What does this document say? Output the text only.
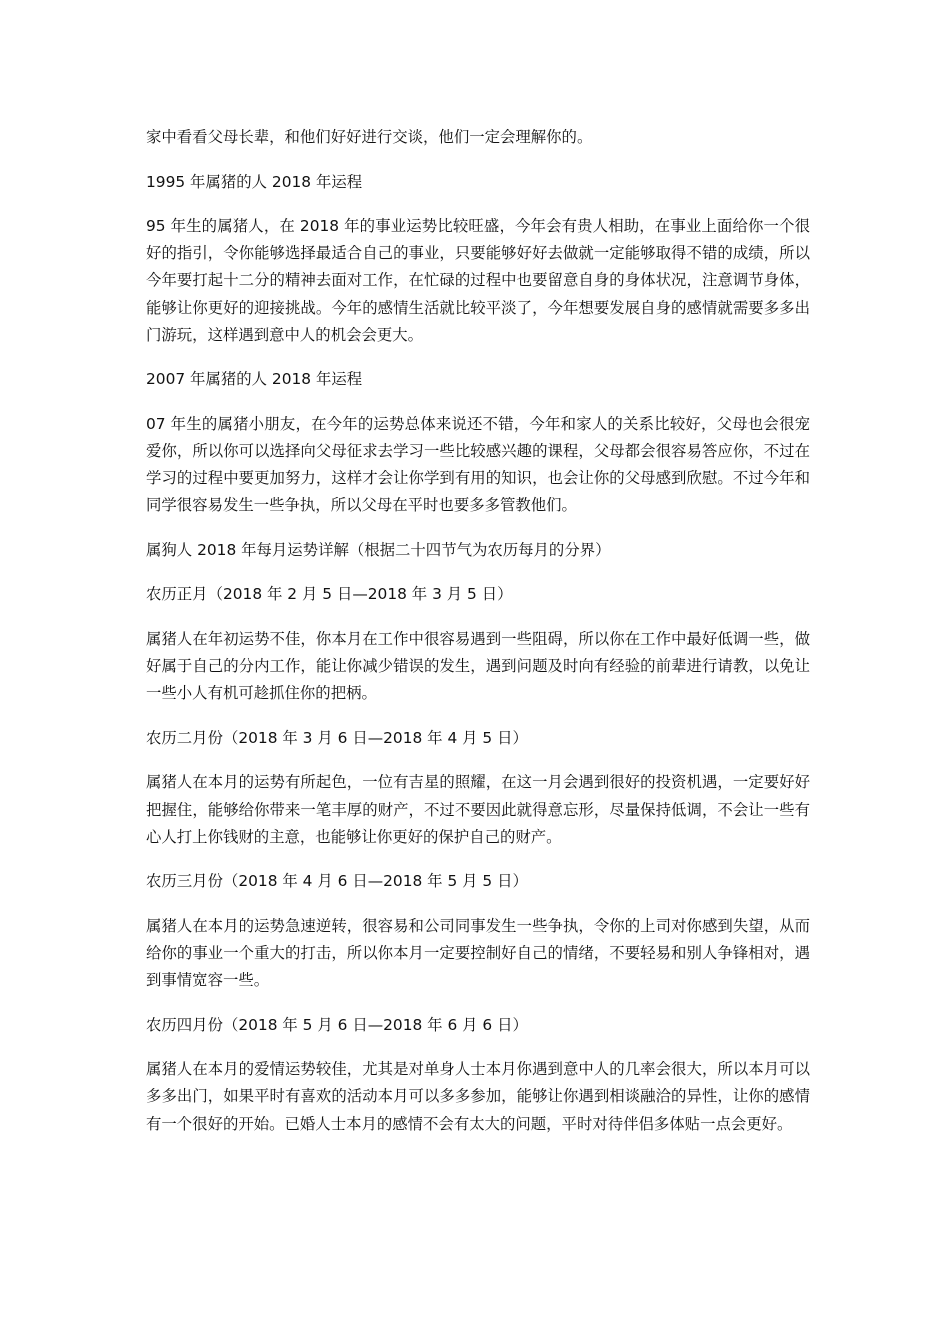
家中看看父母长辈，和他们好好进行交谈，他们一定会理解你的。

1995 年属猪的人 2018 年运程

95 年生的属猪人，在 2018 年的事业运势比较旺盛，今年会有贵人相助，在事业上面给你一个很好的指引，令你能够选择最适合自己的事业，只要能够好好去做就一定能够取得不错的成绩，所以今年要打起十二分的精神去面对工作，在忙碌的过程中也要留意自身的身体状况，注意调节身体，能够让你更好的迎接挑战。今年的感情生活就比较平淡了，今年想要发展自身的感情就需要多多出门游玩，这样遇到意中人的机会会更大。

2007 年属猪的人 2018 年运程

07 年生的属猪小朋友，在今年的运势总体来说还不错，今年和家人的关系比较好，父母也会很宠爱你，所以你可以选择向父母征求去学习一些比较感兴趣的课程，父母都会很容易答应你，不过在学习的过程中要更加努力，这样才会让你学到有用的知识，也会让你的父母感到欣慰。不过今年和同学很容易发生一些争执，所以父母在平时也要多多管教他们。

属狗人 2018 年每月运势详解（根据二十四节气为农历每月的分界）

农历正月（2018 年 2 月 5 日—2018 年 3 月 5 日）

属猪人在年初运势不佳，你本月在工作中很容易遇到一些阻碍，所以你在工作中最好低调一些，做好属于自己的分内工作，能让你减少错误的发生，遇到问题及时向有经验的前辈进行请教，以免让一些小人有机可趁抓住你的把柄。

农历二月份（2018 年 3 月 6 日—2018 年 4 月 5 日）

属猪人在本月的运势有所起色，一位有吉星的照耀，在这一月会遇到很好的投资机遇，一定要好好把握住，能够给你带来一笔丰厚的财产，不过不要因此就得意忘形，尽量保持低调，不会让一些有心人打上你钱财的主意，也能够让你更好的保护自己的财产。

农历三月份（2018 年 4 月 6 日—2018 年 5 月 5 日）

属猪人在本月的运势急速逆转，很容易和公司同事发生一些争执，令你的上司对你感到失望，从而给你的事业一个重大的打击，所以你本月一定要控制好自己的情绪，不要轻易和别人争锋相对，遇到事情宽容一些。

农历四月份（2018 年 5 月 6 日—2018 年 6 月 6 日）

属猪人在本月的爱情运势较佳，尤其是对单身人士本月你遇到意中人的几率会很大，所以本月可以多多出门，如果平时有喜欢的活动本月可以多多参加，能够让你遇到相谈融洽的异性，让你的感情有一个很好的开始。已婚人士本月的感情不会有太大的问题，平时对待伴侣多体贴一点会更好。
